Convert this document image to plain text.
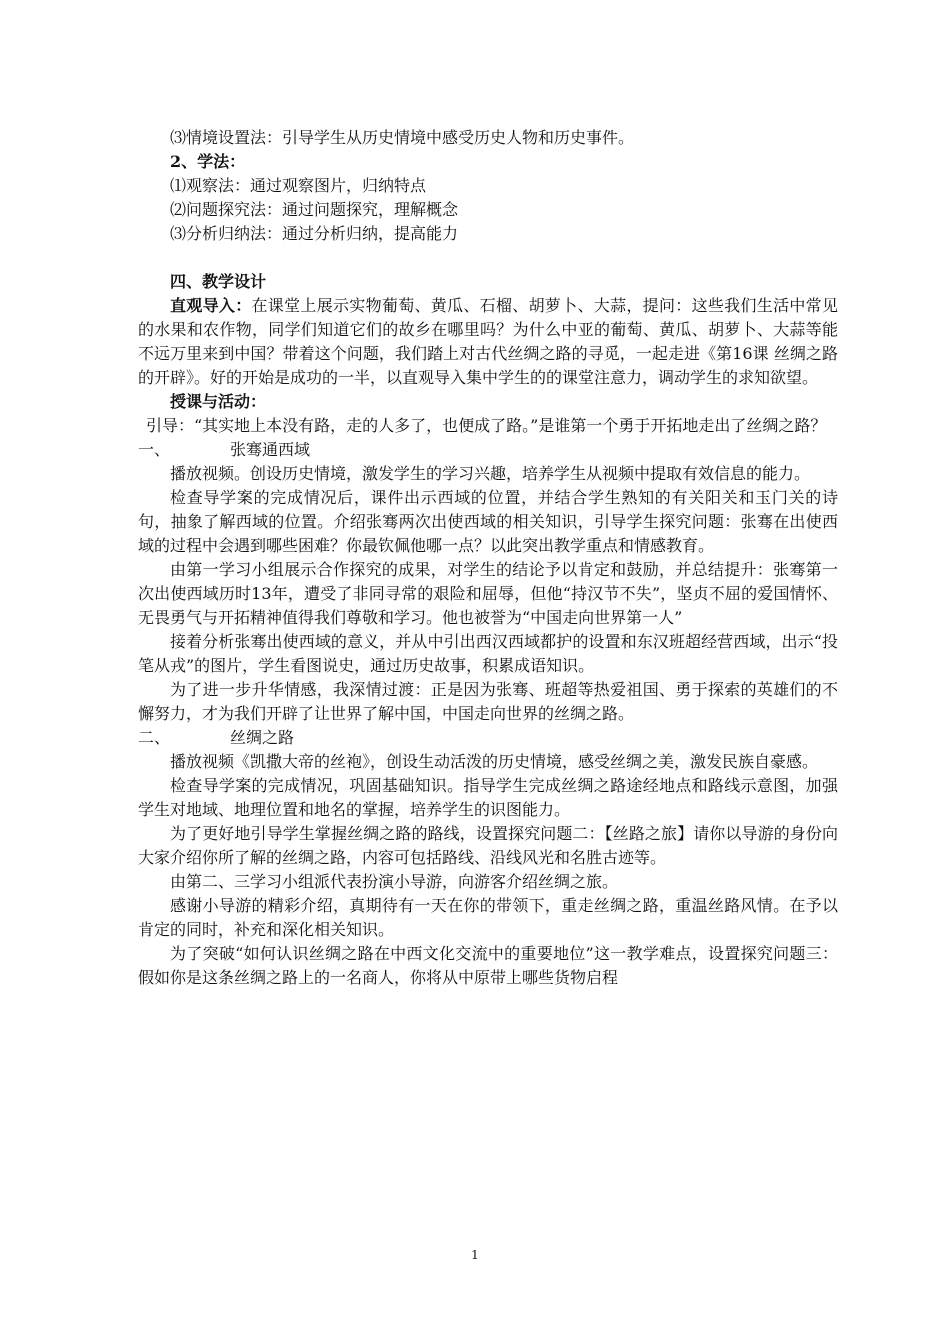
⑶情境设置法：引导学生从历史情境中感受历史人物和历史事件。

2、学法：

⑴观察法：通过观察图片，归纳特点

⑵问题探究法：通过问题探究，理解概念

⑶分析归纳法：通过分析归纳，提高能力

四、教学设计

直观导入：在课堂上展示实物葡萄、黄瓜、石榴、胡萝卜、大蒜，提问：这些我们生活中常见的水果和农作物，同学们知道它们的故乡在哪里吗？为什么中亚的葡萄、黄瓜、胡萝卜、大蒜等能不远万里来到中国？带着这个问题，我们踏上对古代丝绸之路的寻觅，一起走进《第16课 丝绸之路的开辟》。好的开始是成功的一半，以直观导入集中学生的的课堂注意力，调动学生的求知欲望。

授课与活动：

引导：“其实地上本没有路，走的人多了，也便成了路。”是谁第一个勇于开拓地走出了丝绸之路？

一、	张骞通西域

播放视频。创设历史情境，激发学生的学习兴趣，培养学生从视频中提取有效信息的能力。

检查导学案的完成情况后，课件出示西域的位置，并结合学生熟知的有关阳关和玉门关的诗句，抽象了解西域的位置。介绍张骞两次出使西域的相关知识，引导学生探究问题：张骞在出使西域的过程中会遇到哪些困难？你最钦佩他哪一点？以此突出教学重点和情感教育。

由第一学习小组展示合作探究的成果，对学生的结论予以肯定和鼓励，并总结提升：张骞第一次出使西域历时13年，遭受了非同寻常的艰险和屈辱，但他“持汉节不失”，坚贞不屈的爱国情怀、无畏勇气与开拓精神值得我们尊敬和学习。他也被誉为“中国走向世界第一人”

接着分析张骞出使西域的意义，并从中引出西汉西域都护的设置和东汉班超经营西域，出示“投笔从戎”的图片，学生看图说史，通过历史故事，积累成语知识。

为了进一步升华情感，我深情过渡：正是因为张骞、班超等热爱祖国、勇于探索的英雄们的不懈努力，才为我们开辟了让世界了解中国，中国走向世界的丝绸之路。

二、	丝绸之路

播放视频《凯撒大帝的丝袍》，创设生动活泼的历史情境，感受丝绸之美，激发民族自豪感。

检查导学案的完成情况，巩固基础知识。指导学生完成丝绸之路途经地点和路线示意图，加强学生对地域、地理位置和地名的掌握，培养学生的识图能力。

为了更好地引导学生掌握丝绸之路的路线，设置探究问题二：【丝路之旅】请你以导游的身份向大家介绍你所了解的丝绸之路，内容可包括路线、沿线风光和名胜古迹等。

由第二、三学习小组派代表扮演小导游，向游客介绍丝绸之旅。

感谢小导游的精彩介绍，真期待有一天在你的带领下，重走丝绸之路，重温丝路风情。在予以肯定的同时，补充和深化相关知识。

为了突破“如何认识丝绸之路在中西文化交流中的重要地位”这一教学难点，设置探究问题三：假如你是这条丝绸之路上的一名商人，你将从中原带上哪些货物启程

1
